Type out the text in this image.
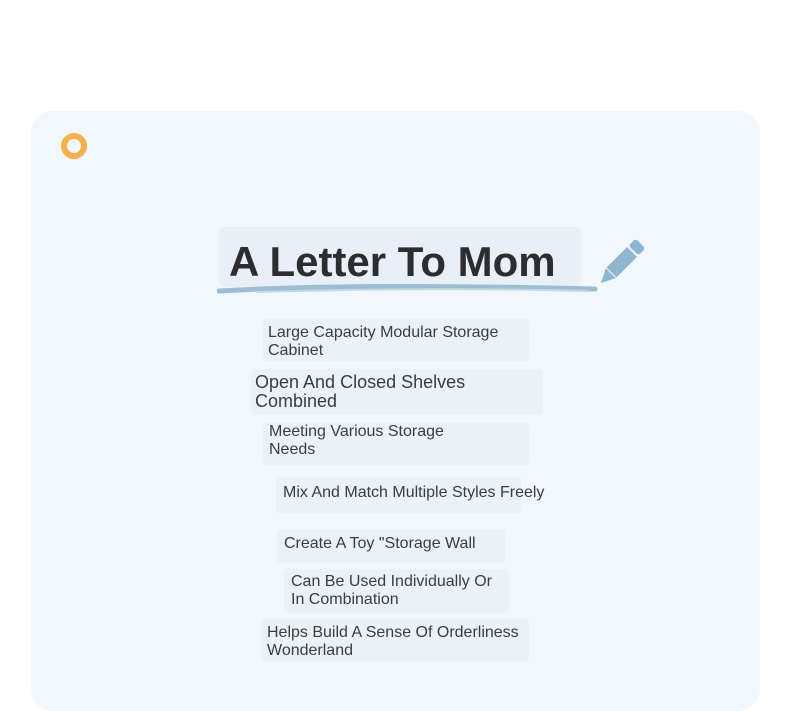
A Letter To Mom

Large Capacity Modular Storage
Cabinet

Open And Closed Shelves
Combined

Meeting Various Storage
Needs

Mix And Match Multiple Styles Freely

Create A Toy "Storage Wall

Can Be Used Individually Or
In Combination

Helps Build A Sense Of Orderliness
Wonderland
